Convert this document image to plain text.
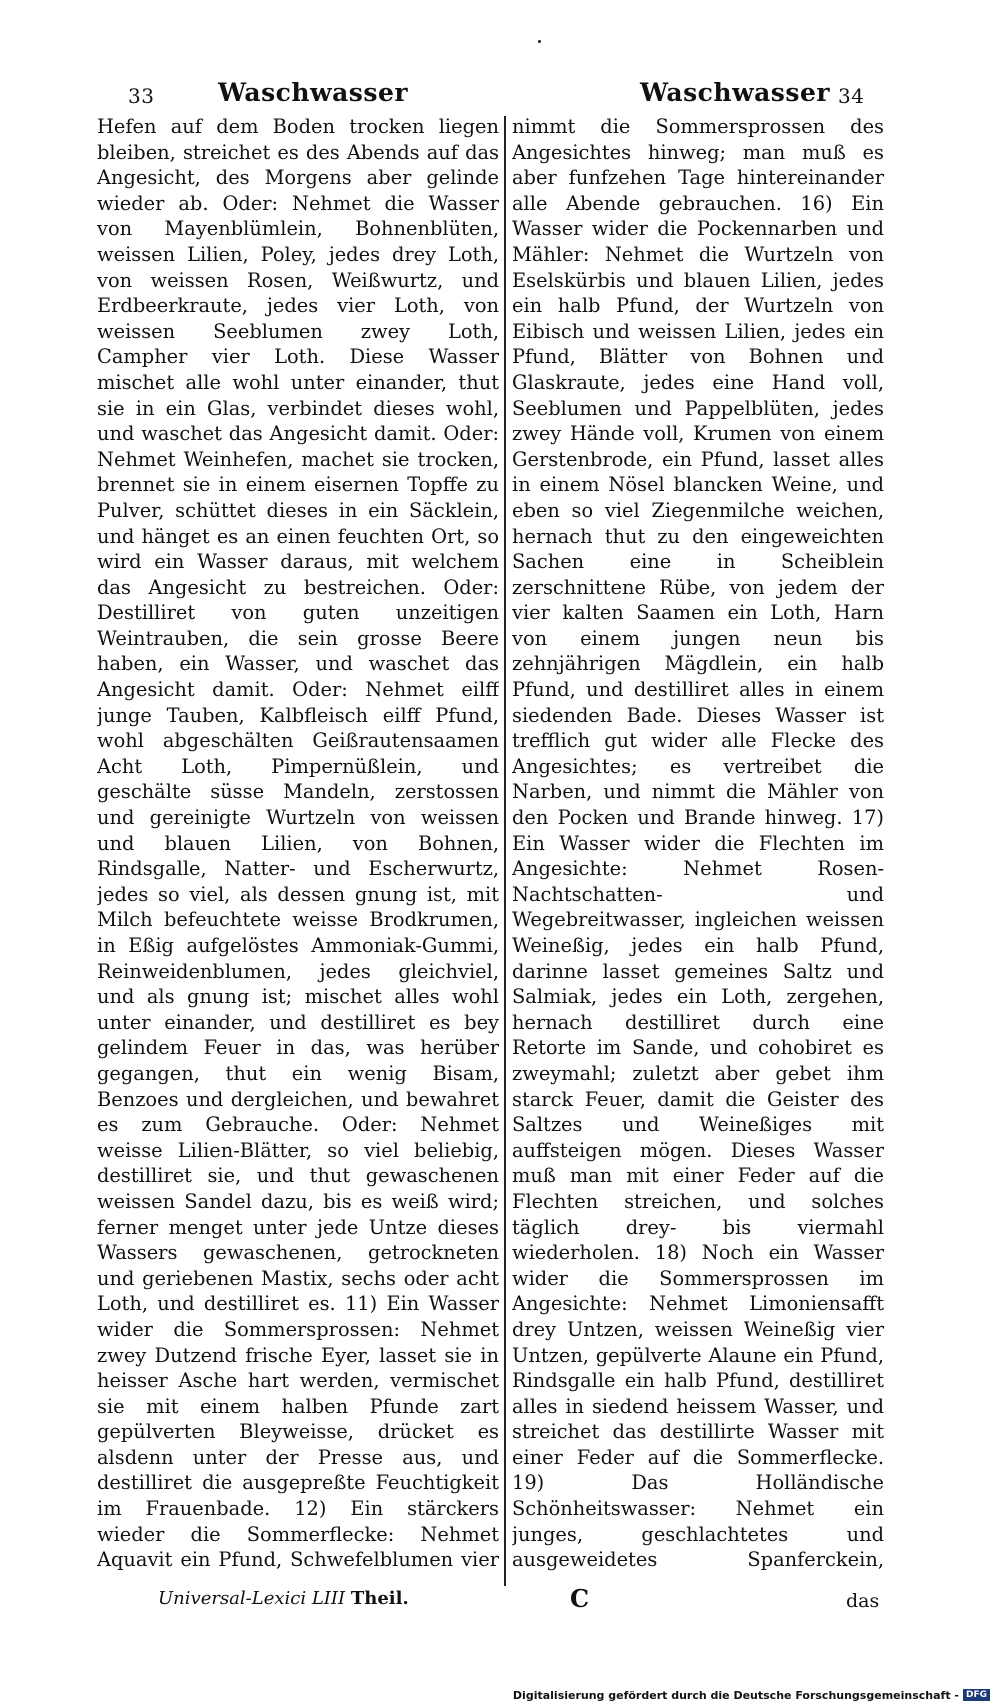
33	Waschwasser	Waschwasser 34

Hefen auf dem Boden trocken liegen bleiben, streichet es des Abends auf das Angesicht, des Morgens aber gelinde wieder ab. Oder: Nehmet die Wasser von Mayenblümlein, Bohnenblüten, weissen Lilien, Poley, jedes drey Loth, von weissen Rosen, Weißwurtz, und Erdbeerkraute, jedes vier Loth, von weissen Seeblumen zwey Loth, Campher vier Loth. Diese Wasser mischet alle wohl unter einander, thut sie in ein Glas, verbindet dieses wohl, und waschet das Angesicht damit. Oder: Nehmet Weinhefen, machet sie trocken, brennet sie in einem eisernen Topffe zu Pulver, schüttet dieses in ein Säcklein, und hänget es an einen feuchten Ort, so wird ein Wasser daraus, mit welchem das Angesicht zu bestreichen. Oder: Destilliret von guten unzeitigen Weintrauben, die sein grosse Beere haben, ein Wasser, und waschet das Angesicht damit. Oder: Nehmet eilff junge Tauben, Kalbfleisch eilff Pfund, wohl abgeschälten Geißrautensaamen Acht Loth, Pimpernüßlein, und geschälte süsse Mandeln, zerstossen und gereinigte Wurtzeln von weissen und blauen Lilien, von Bohnen, Rindsgalle, Natter- und Escherwurtz, jedes so viel, als dessen gnung ist, mit Milch befeuchtete weisse Brodkrumen, in Eßig aufgelöstes Ammoniak-Gummi, Reinweidenblumen, jedes gleichviel, und als gnung ist; mischet alles wohl unter einander, und destilliret es bey gelindem Feuer in das, was herüber gegangen, thut ein wenig Bisam, Benzoes und dergleichen, und bewahret es zum Gebrauche. Oder: Nehmet weisse Lilien-Blätter, so viel beliebig, destilliret sie, und thut gewaschenen weissen Sandel dazu, bis es weiß wird; ferner menget unter jede Untze dieses Wassers gewaschenen, getrockneten und geriebenen Mastix, sechs oder acht Loth, und destilliret es. 11) Ein Wasser wider die Sommersprossen: Nehmet zwey Dutzend frische Eyer, lasset sie in heisser Asche hart werden, vermischet sie mit einem halben Pfunde zart gepülverten Bleyweisse, drücket es alsdenn unter der Presse aus, und destilliret die ausgepreßte Feuchtigkeit im Frauenbade. 12) Ein stärckers wieder die Sommerflecke: Nehmet Aquavit ein Pfund, Schwefelblumen vier

nimmt die Sommersprossen des Angesichtes hinweg; man muß es aber funfzehen Tage hintereinander alle Abende gebrauchen. 16) Ein Wasser wider die Pockennarben und Mähler: Nehmet die Wurtzeln von Eselskürbis und blauen Lilien, jedes ein halb Pfund, der Wurtzeln von Eibisch und weissen Lilien, jedes ein Pfund, Blätter von Bohnen und Glaskraute, jedes eine Hand voll, Seeblumen und Pappelblüten, jedes zwey Hände voll, Krumen von einem Gerstenbrode, ein Pfund, lasset alles in einem Nösel blancken Weine, und eben so viel Ziegenmilche weichen, hernach thut zu den eingeweichten Sachen eine in Scheiblein zerschnittene Rübe, von jedem der vier kalten Saamen ein Loth, Harn von einem jungen neun bis zehnjährigen Mägdlein, ein halb Pfund, und destilliret alles in einem siedenden Bade. Dieses Wasser ist trefflich gut wider alle Flecke des Angesichtes; es vertreibet die Narben, und nimmt die Mähler von den Pocken und Brande hinweg. 17) Ein Wasser wider die Flechten im Angesichte: Nehmet Rosen-Nachtschatten- und Wegebreitwasser, ingleichen weissen Weineßig, jedes ein halb Pfund, darinne lasset gemeines Saltz und Salmiak, jedes ein Loth, zergehen, hernach destilliret durch eine Retorte im Sande, und cohobiret es zweymahl; zuletzt aber gebet ihm starck Feuer, damit die Geister des Saltzes und Weineßiges mit auffsteigen mögen. Dieses Wasser muß man mit einer Feder auf die Flechten streichen, und solches täglich drey- bis viermahl wiederholen. 18) Noch ein Wasser wider die Sommersprossen im Angesichte: Nehmet Limoniensafft drey Untzen, weissen Weineßig vier Untzen, gepülverte Alaune ein Pfund, Rindsgalle ein halb Pfund, destilliret alles in siedend heissem Wasser, und streichet das destillirte Wasser mit einer Feder auf die Sommerflecke. 19) Das Holländische Schönheitswasser: Nehmet ein junges, geschlachtetes und ausgeweidetes Spanferckein,

Universal-Lexici LIII Theil.	C	das
Digitalisierung gefördert durch die Deutsche Forschungsgemeinschaft - DFG
